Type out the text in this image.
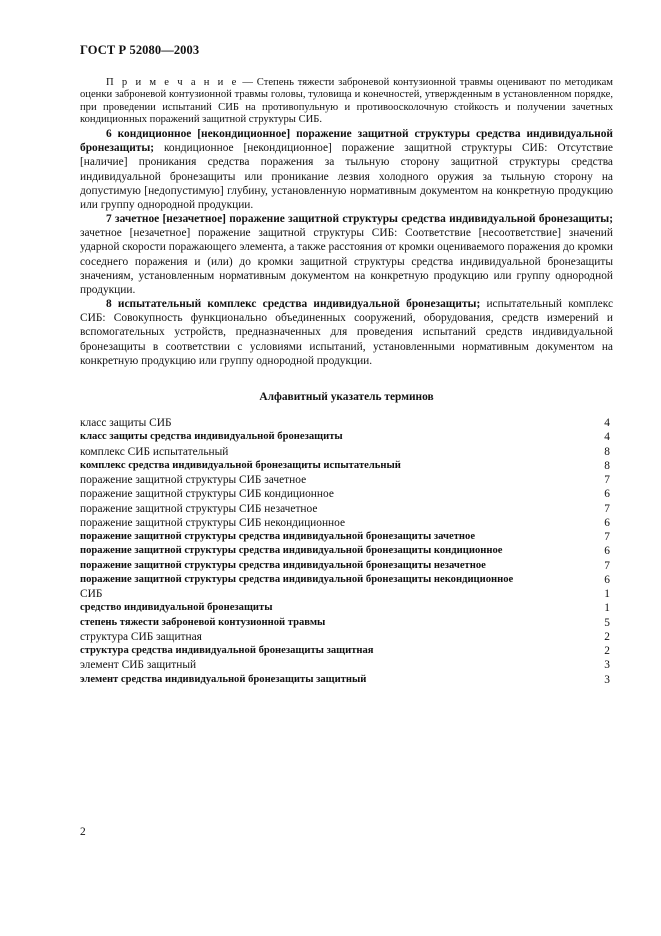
ГОСТ Р 52080—2003
П р и м е ч а н и е — Степень тяжести заброневой контузионной травмы оценивают по методикам оценки заброневой контузионной травмы головы, туловища и конечностей, утвержденным в установленном порядке, при проведении испытаний СИБ на противопульную и противоосколочную стойкость и получении зачетных кондиционных поражений защитной структуры СИБ.
6 кондиционное [некондиционное] поражение защитной структуры средства индивидуальной бронезащиты; кондиционное [некондиционное] поражение защитной структуры СИБ: Отсутствие [наличие] проникания средства поражения за тыльную сторону защитной структуры средства индивидуальной бронезащиты или проникание лезвия холодного оружия за тыльную сторону на допустимую [недопустимую] глубину, установленную нормативным документом на конкретную продукцию или группу однородной продукции.
7 зачетное [незачетное] поражение защитной структуры средства индивидуальной бронезащиты; зачетное [незачетное] поражение защитной структуры СИБ: Соответствие [несоответствие] значений ударной скорости поражающего элемента, а также расстояния от кромки оцениваемого поражения до кромки соседнего поражения и (или) до кромки защитной структуры средства индивидуальной бронезащиты значениям, установленным нормативным документом на конкретную продукцию или группу однородной продукции.
8 испытательный комплекс средства индивидуальной бронезащиты; испытательный комплекс СИБ: Совокупность функционально объединенных сооружений, оборудования, средств измерений и вспомогательных устройств, предназначенных для проведения испытаний средств индивидуальной бронезащиты в соответствии с условиями испытаний, установленными нормативным документом на конкретную продукцию или группу однородной продукции.
Алфавитный указатель терминов
класс защиты СИБ	4
класс защиты средства индивидуальной бронезащиты	4
комплекс СИБ испытательный	8
комплекс средства индивидуальной бронезащиты испытательный	8
поражение защитной структуры СИБ зачетное	7
поражение защитной структуры СИБ кондиционное	6
поражение защитной структуры СИБ незачетное	7
поражение защитной структуры СИБ некондиционное	6
поражение защитной структуры средства индивидуальной бронезащиты зачетное	7
поражение защитной структуры средства индивидуальной бронезащиты кондиционное	6
поражение защитной структуры средства индивидуальной бронезащиты незачетное	7
поражение защитной структуры средства индивидуальной бронезащиты некондиционное	6
СИБ	1
средство индивидуальной бронезащиты	1
степень тяжести заброневой контузионной травмы	5
структура СИБ защитная	2
структура средства индивидуальной бронезащиты защитная	2
элемент СИБ защитный	3
элемент средства индивидуальной бронезащиты защитный	3
2
